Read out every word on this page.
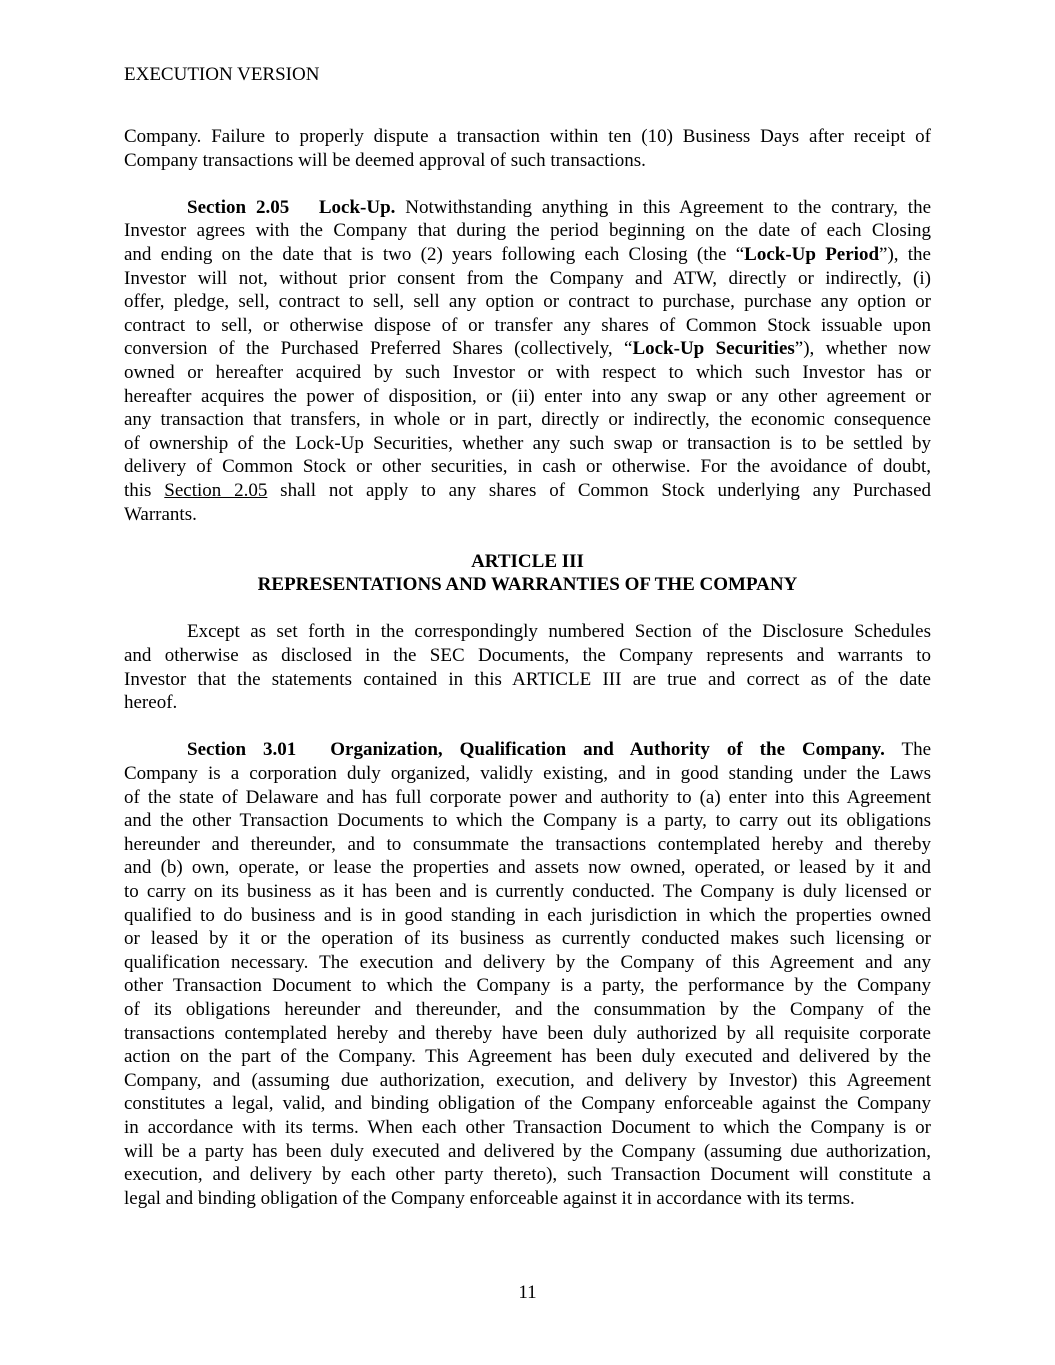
EXECUTION VERSION
Company. Failure to properly dispute a transaction within ten (10) Business Days after receipt of
Company transactions will be deemed approval of such transactions.
Section 2.05 Lock-Up. Notwithstanding anything in this Agreement to the contrary, the
Investor agrees with the Company that during the period beginning on the date of each Closing
and ending on the date that is two (2) years following each Closing (the “Lock-Up Period”), the
Investor will not, without prior consent from the Company and ATW, directly or indirectly, (i)
offer, pledge, sell, contract to sell, sell any option or contract to purchase, purchase any option or
contract to sell, or otherwise dispose of or transfer any shares of Common Stock issuable upon
conversion of the Purchased Preferred Shares (collectively, “Lock-Up Securities”), whether now
owned or hereafter acquired by such Investor or with respect to which such Investor has or
hereafter acquires the power of disposition, or (ii) enter into any swap or any other agreement or
any transaction that transfers, in whole or in part, directly or indirectly, the economic consequence
of ownership of the Lock-Up Securities, whether any such swap or transaction is to be settled by
delivery of Common Stock or other securities, in cash or otherwise. For the avoidance of doubt,
this Section 2.05 shall not apply to any shares of Common Stock underlying any Purchased
Warrants.
ARTICLE III
REPRESENTATIONS AND WARRANTIES OF THE COMPANY
Except as set forth in the correspondingly numbered Section of the Disclosure Schedules
and otherwise as disclosed in the SEC Documents, the Company represents and warrants to
Investor that the statements contained in this ARTICLE III are true and correct as of the date
hereof.
Section 3.01 Organization, Qualification and Authority of the Company. The
Company is a corporation duly organized, validly existing, and in good standing under the Laws
of the state of Delaware and has full corporate power and authority to (a) enter into this Agreement
and the other Transaction Documents to which the Company is a party, to carry out its obligations
hereunder and thereunder, and to consummate the transactions contemplated hereby and thereby
and (b) own, operate, or lease the properties and assets now owned, operated, or leased by it and
to carry on its business as it has been and is currently conducted. The Company is duly licensed or
qualified to do business and is in good standing in each jurisdiction in which the properties owned
or leased by it or the operation of its business as currently conducted makes such licensing or
qualification necessary. The execution and delivery by the Company of this Agreement and any
other Transaction Document to which the Company is a party, the performance by the Company
of its obligations hereunder and thereunder, and the consummation by the Company of the
transactions contemplated hereby and thereby have been duly authorized by all requisite corporate
action on the part of the Company. This Agreement has been duly executed and delivered by the
Company, and (assuming due authorization, execution, and delivery by Investor) this Agreement
constitutes a legal, valid, and binding obligation of the Company enforceable against the Company
in accordance with its terms. When each other Transaction Document to which the Company is or
will be a party has been duly executed and delivered by the Company (assuming due authorization,
execution, and delivery by each other party thereto), such Transaction Document will constitute a
legal and binding obligation of the Company enforceable against it in accordance with its terms.
11
